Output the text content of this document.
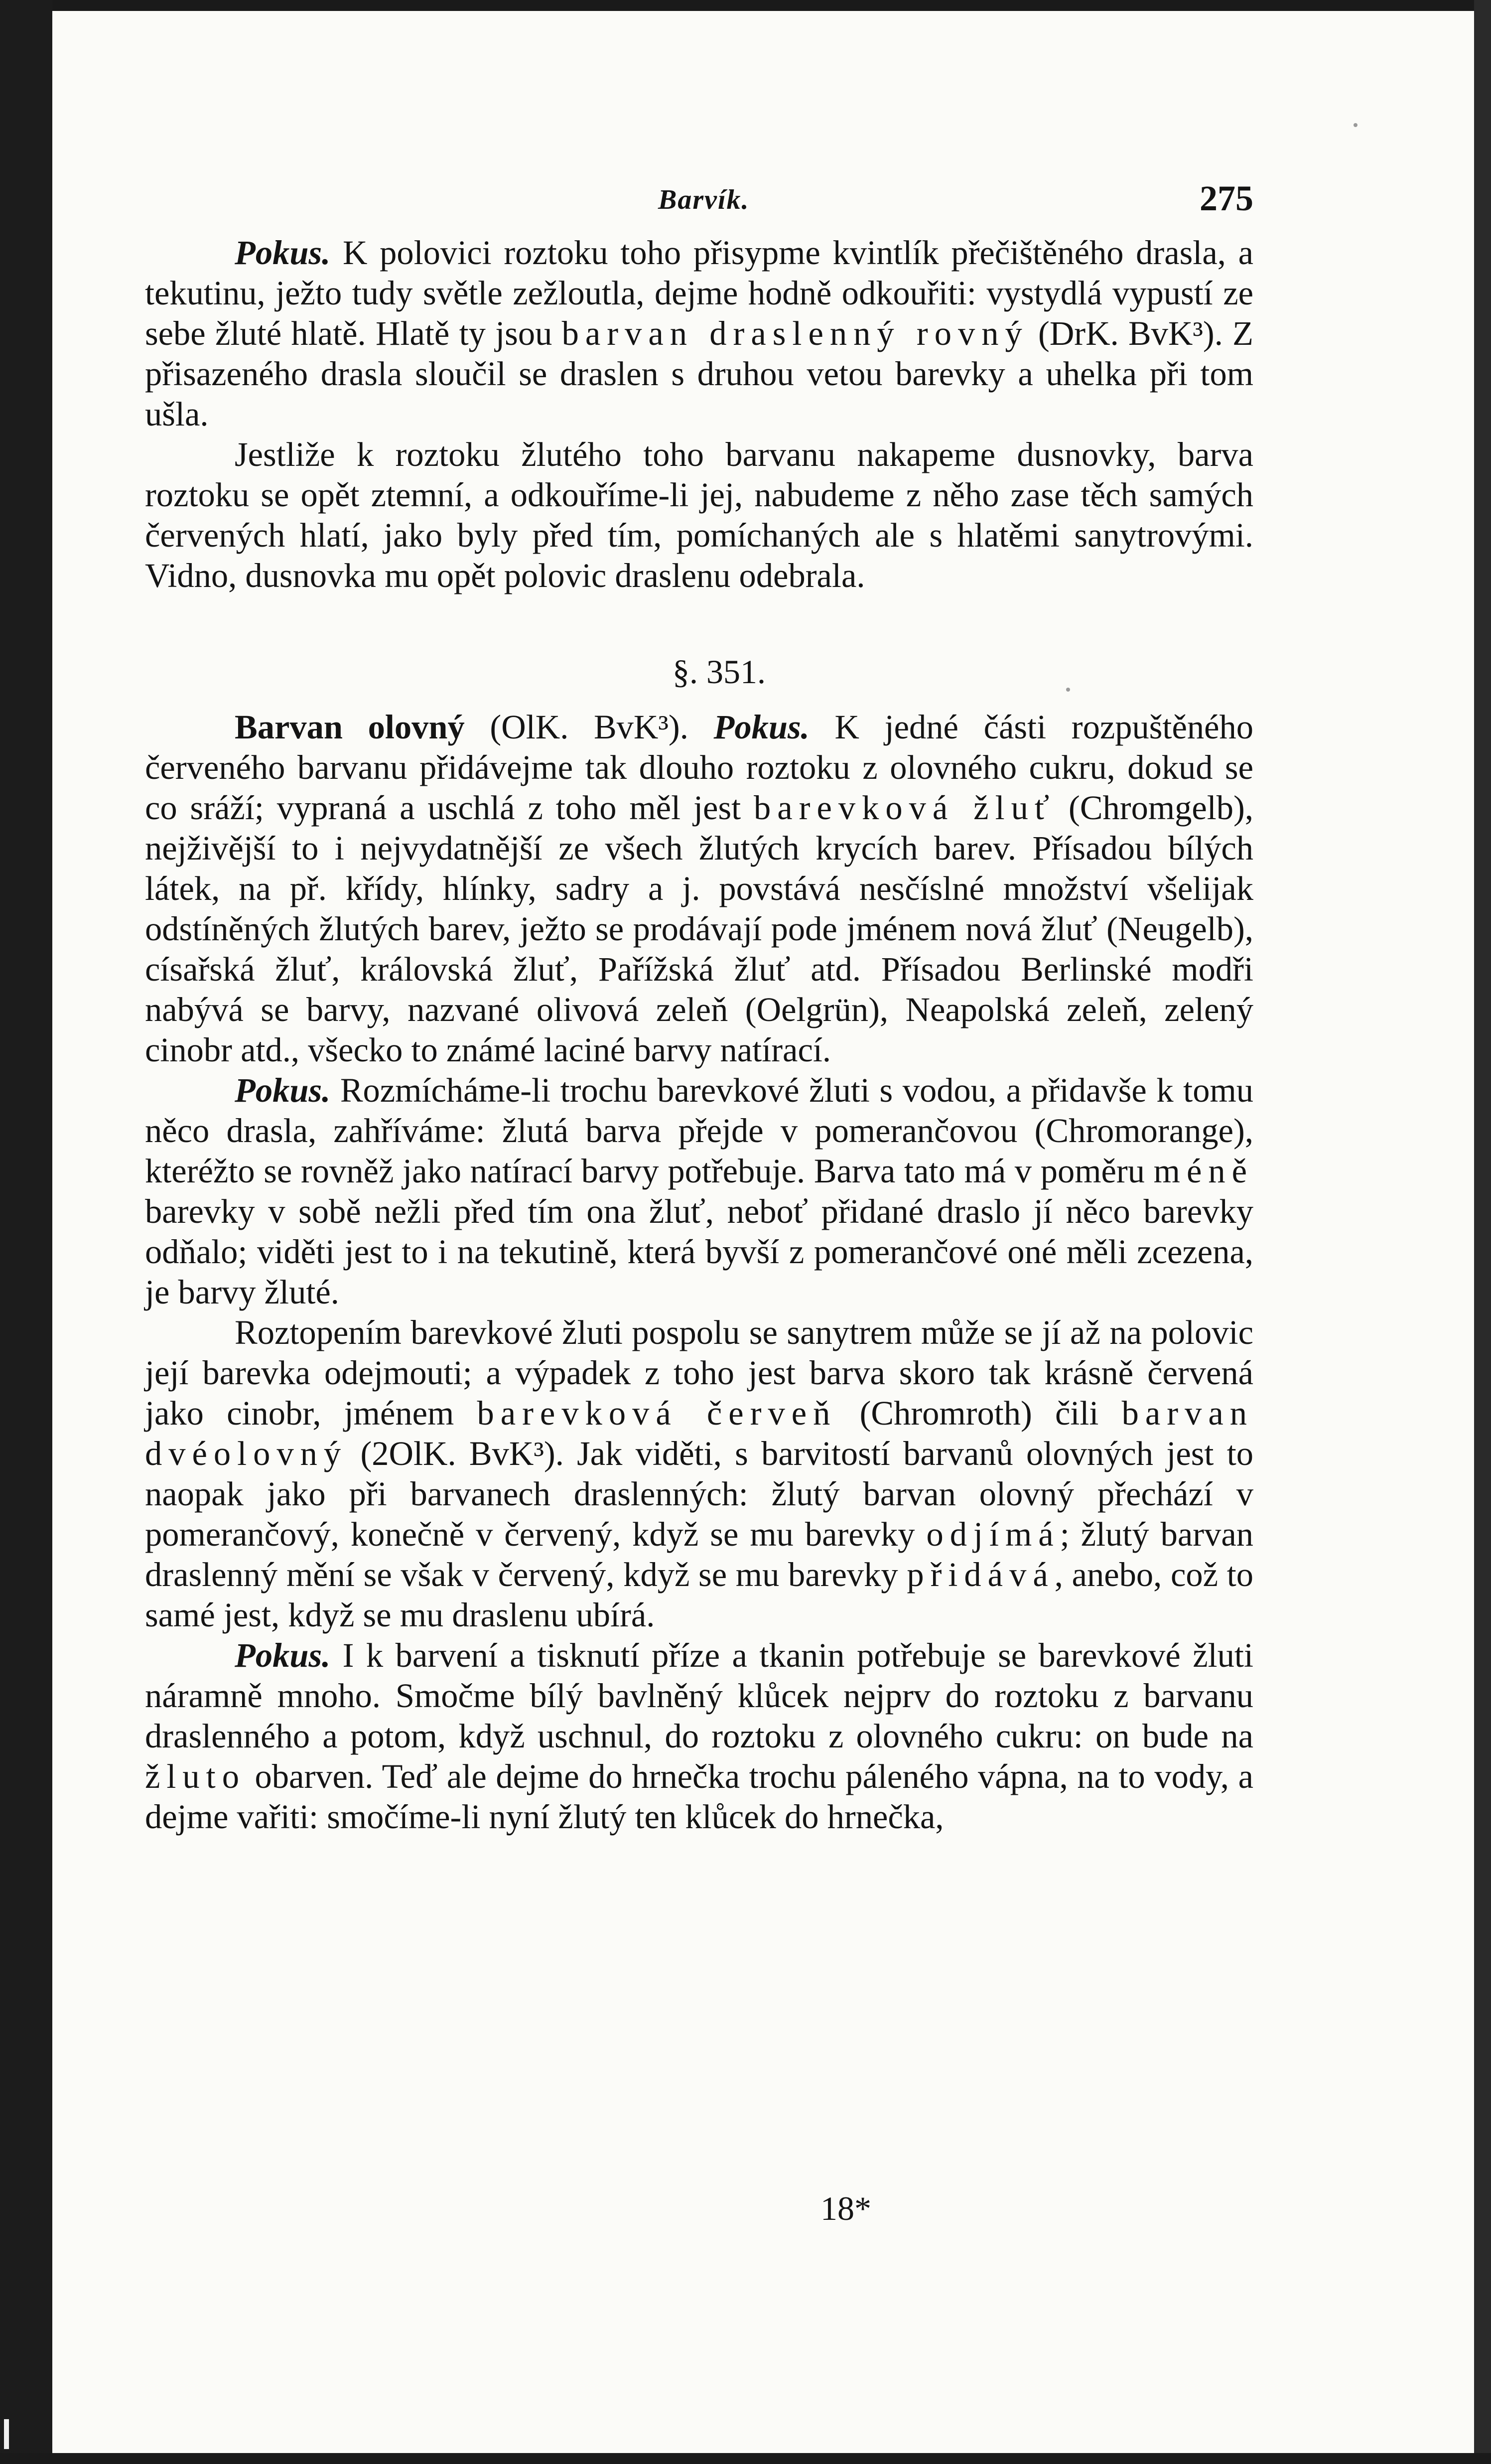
Barvík.	275

Pokus. K polovici roztoku toho přisypme kvintlík přečištěného drasla, a tekutinu, ježto tudy světle zežloutla, dejme hodně odkouřiti: vystydlá vypustí ze sebe žluté hlatě. Hlatě ty jsou barvan draslenný rovný (DrK. BvK³). Z přisazeného drasla sloučil se draslen s druhou vetou barevky a uhelka při tom ušla.

Jestliže k roztoku žlutého toho barvanu nakapeme dusnovky, barva roztoku se opět ztemní, a odkouříme-li jej, nabudeme z něho zase těch samých červených hlatí, jako byly před tím, pomíchaných ale s hlatěmi sanytrovými. Vidno, dusnovka mu opět polovic draslenu odebrala.

§. 351.

Barvan olovný (OlK. BvK³). Pokus. K jedné části rozpuštěného červeného barvanu přidávejme tak dlouho roztoku z olovného cukru, dokud se co sráží; vypraná a uschlá z toho měl jest barevková žluť (Chromgelb), nejživější to i nejvydatnější ze všech žlutých krycích barev. Přísadou bílých látek, na př. křídy, hlínky, sadry a j. povstává nesčíslné množství všelijak odstíněných žlutých barev, ježto se prodávají pode jménem nová žluť (Neugelb), císařská žluť, královská žluť, Pařížská žluť atd. Přísadou Berlinské modři nabývá se barvy, nazvané olivová zeleň (Oelgrün), Neapolská zeleň, zelený cinobr atd., všecko to známé laciné barvy natírací.

Pokus. Rozmícháme-li trochu barevkové žluti s vodou, a přidavše k tomu něco drasla, zahříváme: žlutá barva přejde v pomerančovou (Chromorange), kteréžto se rovněž jako natírací barvy potřebuje. Barva tato má v poměru méně barevky v sobě nežli před tím ona žluť, neboť přidané draslo jí něco barevky odňalo; viděti jest to i na tekutině, která byvší z pomerančové oné měli zcezena, je barvy žluté.

Roztopením barevkové žluti pospolu se sanytrem může se jí až na polovic její barevka odejmouti; a výpadek z toho jest barva skoro tak krásně červená jako cinobr, jménem barevková červeň (Chromroth) čili barvan dvéolovný (2OlK. BvK³). Jak viděti, s barvitostí barvanů olovných jest to naopak jako při barvanech draslenných: žlutý barvan olovný přechází v pomerančový, konečně v červený, když se mu barevky odjímá; žlutý barvan draslenný mění se však v červený, když se mu barevky přidává, anebo, což to samé jest, když se mu draslenu ubírá.

Pokus. I k barvení a tisknutí příze a tkanin potřebuje se barevkové žluti náramně mnoho. Smočme bílý bavlněný klůcek nejprv do roztoku z barvanu draslenného a potom, když uschnul, do roztoku z olovného cukru: on bude na žluto obarven. Teď ale dejme do hrnečka trochu páleného vápna, na to vody, a dejme vařiti: smočíme-li nyní žlutý ten klůcek do hrnečka,

18*
